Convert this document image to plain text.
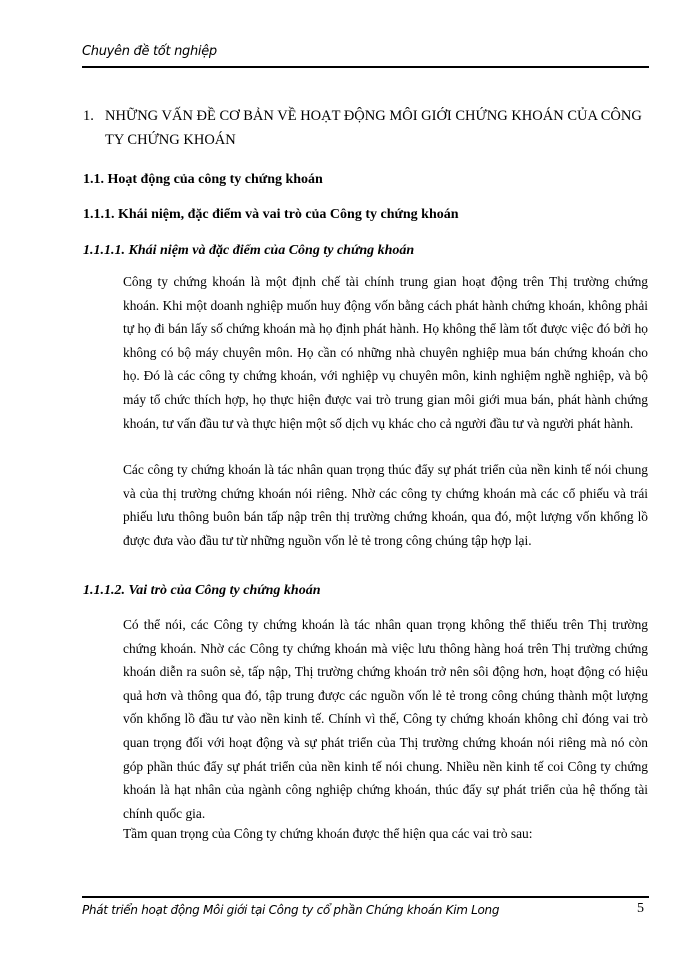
Chuyên đề tốt nghiệp
1. NHỮNG VẤN ĐỀ CƠ BẢN VỀ HOẠT ĐỘNG MÔI GIỚI CHỨNG KHOÁN CỦA CÔNG TY CHỨNG KHOÁN
1.1. Hoạt động của công ty chứng khoán
1.1.1. Khái niệm, đặc điểm và vai trò của Công ty chứng khoán
1.1.1.1. Khái niệm và đặc điểm của Công ty chứng khoán
Công ty chứng khoán là một định chế tài chính trung gian hoạt động trên Thị trường chứng khoán. Khi một doanh nghiệp muốn huy động vốn bằng cách phát hành chứng khoán, không phải tự họ đi bán lấy số chứng khoán mà họ định phát hành. Họ không thể làm tốt được việc đó bởi họ không có bộ máy chuyên môn. Họ cần có những nhà chuyên nghiệp mua bán chứng khoán cho họ. Đó là các công ty chứng khoán, với nghiệp vụ chuyên môn, kinh nghiệm nghề nghiệp, và bộ máy tổ chức thích hợp, họ thực hiện được vai trò trung gian môi giới mua bán, phát hành chứng khoán, tư vấn đầu tư và thực hiện một số dịch vụ khác cho cả người đầu tư và người phát hành.
Các công ty chứng khoán là tác nhân quan trọng thúc đẩy sự phát triển của nền kinh tế nói chung và của thị trường chứng khoán nói riêng. Nhờ các công ty chứng khoán mà các cổ phiếu và trái phiếu lưu thông buôn bán tấp nập trên thị trường chứng khoán, qua đó, một lượng vốn khổng lồ được đưa vào đầu tư từ những nguồn vốn lẻ tẻ trong công chúng tập hợp lại.
1.1.1.2. Vai trò của Công ty chứng khoán
Có thể nói, các Công ty chứng khoán là tác nhân quan trọng không thể thiếu trên Thị trường chứng khoán. Nhờ các Công ty chứng khoán mà việc lưu thông hàng hoá trên Thị trường chứng khoán diễn ra suôn sẻ, tấp nập, Thị trường chứng khoán trở nên sôi động hơn, hoạt động có hiệu quả hơn và thông qua đó, tập trung được các nguồn vốn lẻ tẻ trong công chúng thành một lượng vốn khổng lồ đầu tư vào nền kinh tế. Chính vì thế, Công ty chứng khoán không chỉ đóng vai trò quan trọng đối với hoạt động và sự phát triển của Thị trường chứng khoán nói riêng mà nó còn góp phần thúc đẩy sự phát triển của nền kinh tế nói chung. Nhiều nền kinh tế coi Công ty chứng khoán là hạt nhân của ngành công nghiệp chứng khoán, thúc đẩy sự phát triển của hệ thống tài chính quốc gia.
Tầm quan trọng của Công ty chứng khoán được thể hiện qua các vai trò sau:
Phát triển hoạt động Môi giới tại Công ty cổ phần Chứng khoán Kim Long	5
